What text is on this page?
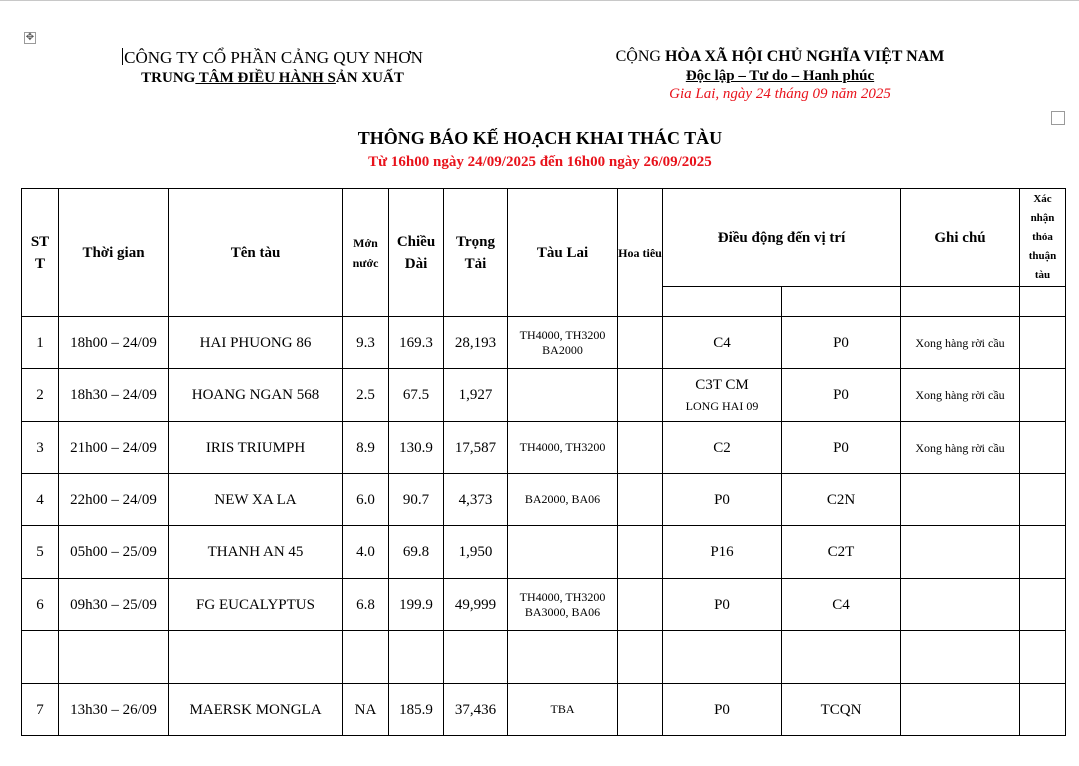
✥
CÔNG TY CỔ PHẦN CẢNG QUY NHƠN
TRUNG TÂM ĐIỀU HÀNH SẢN XUẤT
CỘNG HÒA XÃ HỘI CHỦ NGHĨA VIỆT NAM
Độc lập – Tư do – Hanh phúc
Gia Lai, ngày 24 tháng 09 năm 2025
THÔNG BÁO KẾ HOẠCH KHAI THÁC TÀU
Từ 16h00 ngày 24/09/2025 đến 16h00 ngày 26/09/2025
ST T	Thời gian	Tên tàu	Mớn nước	Chiều Dài	Trọng Tải	Tàu Lai	Hoa tiêu	Điều động đến vị trí		Ghi chú	Xác nhận thỏa thuận tàu

1	18h00 – 24/09	HAI PHUONG 86	9.3	169.3	28,193	TH4000, TH3200 BA2000		C4	P0	Xong hàng rời cầu	
2	18h30 – 24/09	HOANG NGAN 568	2.5	67.5	1,927			C3T CM
LONG HAI 09	P0	Xong hàng rời cầu	
3	21h00 – 24/09	IRIS TRIUMPH	8.9	130.9	17,587	TH4000, TH3200		C2	P0	Xong hàng rời cầu	
4	22h00 – 24/09	NEW XA LA	6.0	90.7	4,373	BA2000, BA06		P0	C2N		
5	05h00 – 25/09	THANH AN 45	4.0	69.8	1,950			P16	C2T		
6	09h30 – 25/09	FG EUCALYPTUS	6.8	199.9	49,999	TH4000, TH3200 BA3000, BA06		P0	C4		

7	13h30 – 26/09	MAERSK MONGLA	NA	185.9	37,436	TBA		P0	TCQN		
